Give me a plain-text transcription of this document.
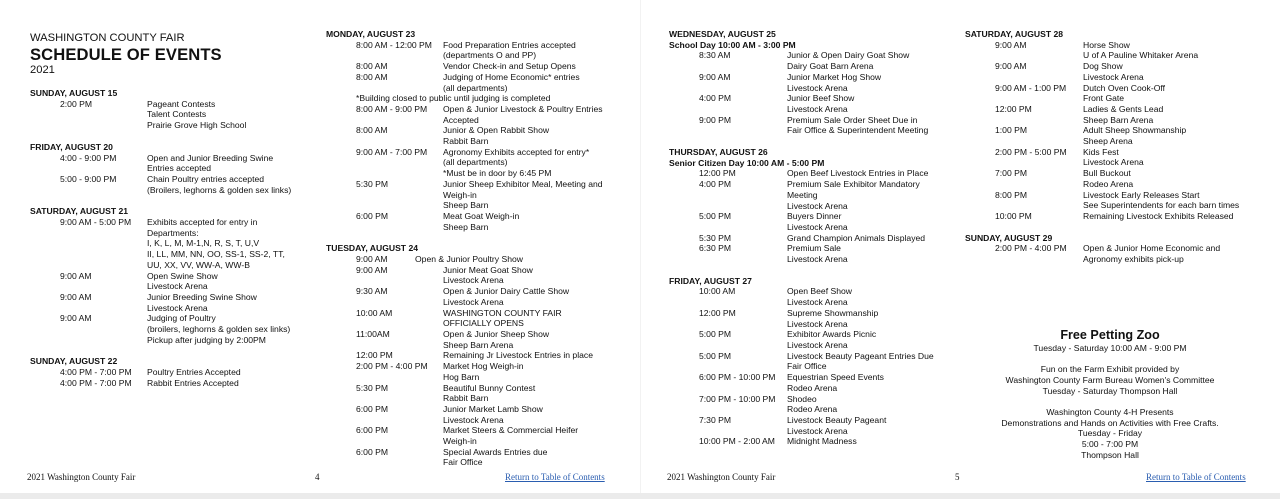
WASHINGTON COUNTY FAIR
SCHEDULE OF EVENTS
2021
SUNDAY, AUGUST 15
2:00 PM	Pageant Contests
Talent Contests
Prairie Grove High School
FRIDAY, AUGUST 20
4:00 - 9:00 PM	Open and Junior Breeding Swine
Entries accepted
5:00 - 9:00 PM	Chain Poultry entries accepted
(Broilers, leghorns & golden sex links)
SATURDAY, AUGUST 21
9:00 AM - 5:00 PM	Exhibits accepted for entry in
Departments:
I, K, L, M, M-1,N, R, S, T, U,V
II, LL, MM, NN, OO, SS-1, SS-2, TT,
UU, XX, VV, WW-A, WW-B
9:00 AM	Open Swine Show
Livestock Arena
9:00 AM	Junior Breeding Swine Show
Livestock Arena
9:00 AM	Judging of Poultry
(broilers, leghorns & golden sex links)
Pickup after judging by 2:00PM
SUNDAY, AUGUST 22
4:00 PM - 7:00 PM	Poultry Entries Accepted
4:00 PM - 7:00 PM	Rabbit Entries Accepted
MONDAY, AUGUST 23
8:00 AM - 12:00 PM	Food Preparation Entries accepted
(departments O and PP)
8:00 AM	Vendor Check-in and Setup Opens
8:00 AM	Judging of Home Economic* entries
(all departments)
*Building closed to public until judging is completed
8:00 AM - 9:00 PM	Open & Junior Livestock & Poultry Entries
Accepted
8:00 AM	Junior & Open Rabbit Show
Rabbit Barn
9:00 AM - 7:00 PM	Agronomy Exhibits accepted for entry*
(all departments)
*Must be in door by 6:45 PM
5:30 PM	Junior Sheep Exhibitor Meal, Meeting and
Weigh-in
Sheep Barn
6:00 PM	Meat Goat Weigh-in
Sheep Barn
TUESDAY, AUGUST 24
9:00 AM	Open & Junior Poultry Show
9:00 AM	Junior Meat Goat Show
Livestock Arena
9:30 AM	Open & Junior Dairy Cattle Show
Livestock Arena
10:00 AM	WASHINGTON COUNTY FAIR
OFFICIALLY OPENS
11:00AM	Open & Junior Sheep Show
Sheep Barn Arena
12:00 PM	Remaining Jr Livestock Entries in place
2:00 PM - 4:00 PM	Market Hog Weigh-in
Hog Barn
5:30 PM	Beautiful Bunny Contest
Rabbit Barn
6:00 PM	Junior Market Lamb Show
Livestock Arena
6:00 PM	Market Steers & Commercial Heifer
Weigh-in
6:00 PM	Special Awards Entries due
Fair Office
WEDNESDAY, AUGUST 25
School Day 10:00 AM - 3:00 PM
8:30 AM	Junior & Open Dairy Goat Show
Dairy Goat Barn Arena
9:00 AM	Junior Market Hog Show
Livestock Arena
4:00 PM	Junior Beef Show
Livestock Arena
9:00 PM	Premium Sale Order Sheet Due in
Fair Office & Superintendent Meeting
THURSDAY, AUGUST 26
Senior Citizen Day 10:00 AM - 5:00 PM
12:00 PM	Open Beef Livestock Entries in Place
4:00 PM	Premium Sale Exhibitor Mandatory
Meeting
Livestock Arena
5:00 PM	Buyers Dinner
Livestock Arena
5:30 PM	Grand Champion Animals Displayed
6:30 PM	Premium Sale
Livestock Arena
FRIDAY, AUGUST 27
10:00 AM	Open Beef Show
Livestock Arena
12:00 PM	Supreme Showmanship
Livestock Arena
5:00 PM	Exhibitor Awards Picnic
Livestock Arena
5:00 PM	Livestock Beauty Pageant Entries Due
Fair Office
6:00 PM - 10:00 PM	Equestrian Speed Events
Rodeo Arena
7:00 PM - 10:00 PM	Shodeo
Rodeo Arena
7:30 PM	Livestock Beauty Pageant
Livestock Arena
10:00 PM - 2:00 AM	Midnight Madness
SATURDAY, AUGUST 28
9:00 AM	Horse Show
U of A Pauline Whitaker Arena
9:00 AM	Dog Show
Livestock Arena
9:00 AM - 1:00 PM	Dutch Oven Cook-Off
Front Gate
12:00 PM	Ladies & Gents Lead
Sheep Barn Arena
1:00 PM	Adult Sheep Showmanship
Sheep Arena
2:00 PM - 5:00 PM	Kids Fest
Livestock Arena
7:00 PM	Bull Buckout
Rodeo Arena
8:00 PM	Livestock Early Releases Start
See Superintendents for each barn times
10:00 PM	Remaining Livestock Exhibits Released
SUNDAY, AUGUST 29
2:00 PM - 4:00 PM	Open & Junior Home Economic and
Agronomy exhibits pick-up
Free Petting Zoo

Tuesday - Saturday 10:00 AM - 9:00 PM

Fun on the Farm Exhibit provided by

Washington County Farm Bureau Women's Committee

Tuesday - Saturday Thompson Hall

Washington County 4-H Presents

Demonstrations and Hands on Activities with Free Crafts.

Tuesday - Friday

5:00 - 7:00 PM

Thompson Hall

2021 Washington County Fair	4	Return to Table of Contents	2021 Washington County Fair	5	Return to Table of Contents
